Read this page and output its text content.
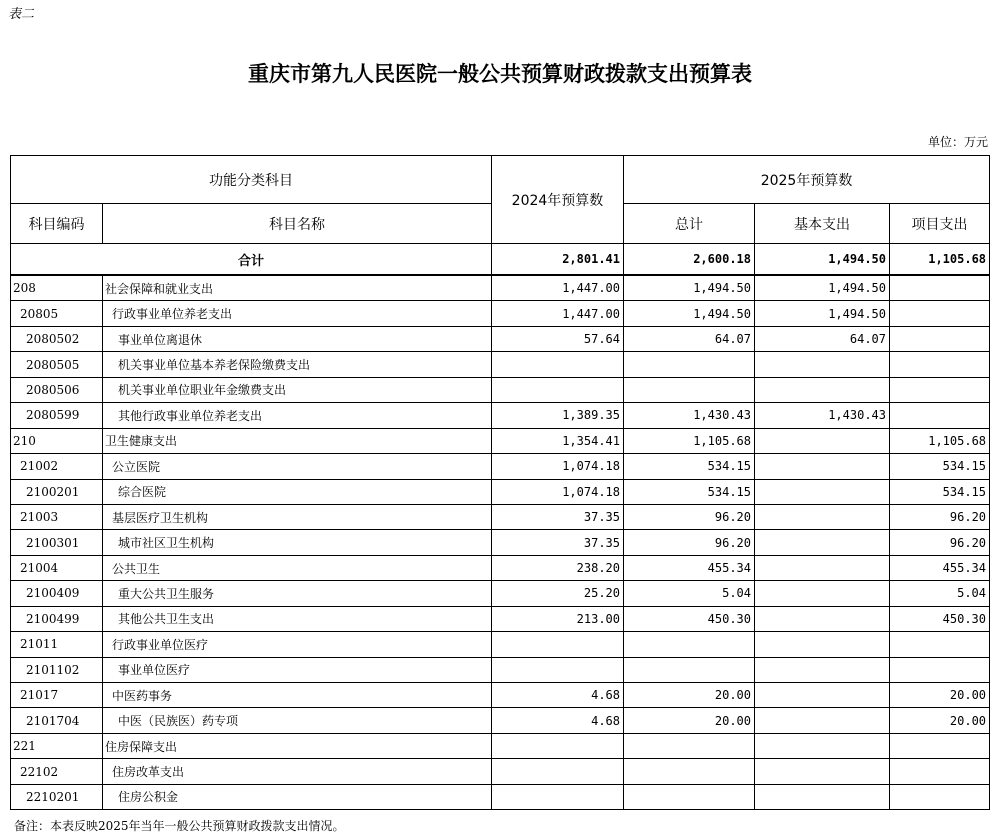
表二
重庆市第九人民医院一般公共预算财政拨款支出预算表
单位：万元
功能分类科目		2024年预算数	2025年预算数		
科目编码	科目名称		总计	基本支出	项目支出
合计		2,801.41	2,600.18	1,494.50	1,105.68
208	社会保障和就业支出	1,447.00	1,494.50	1,494.50	
20805	行政事业单位养老支出	1,447.00	1,494.50	1,494.50	
2080502	事业单位离退休	57.64	64.07	64.07	
2080505	机关事业单位基本养老保险缴费支出				
2080506	机关事业单位职业年金缴费支出				
2080599	其他行政事业单位养老支出	1,389.35	1,430.43	1,430.43	
210	卫生健康支出	1,354.41	1,105.68		1,105.68
21002	公立医院	1,074.18	534.15		534.15
2100201	综合医院	1,074.18	534.15		534.15
21003	基层医疗卫生机构	37.35	96.20		96.20
2100301	城市社区卫生机构	37.35	96.20		96.20
21004	公共卫生	238.20	455.34		455.34
2100409	重大公共卫生服务	25.20	5.04		5.04
2100499	其他公共卫生支出	213.00	450.30		450.30
21011	行政事业单位医疗				
2101102	事业单位医疗				
21017	中医药事务	4.68	20.00		20.00
2101704	中医（民族医）药专项	4.68	20.00		20.00
221	住房保障支出				
22102	住房改革支出				
2210201	住房公积金				
备注：本表反映2025年当年一般公共预算财政拨款支出情况。
